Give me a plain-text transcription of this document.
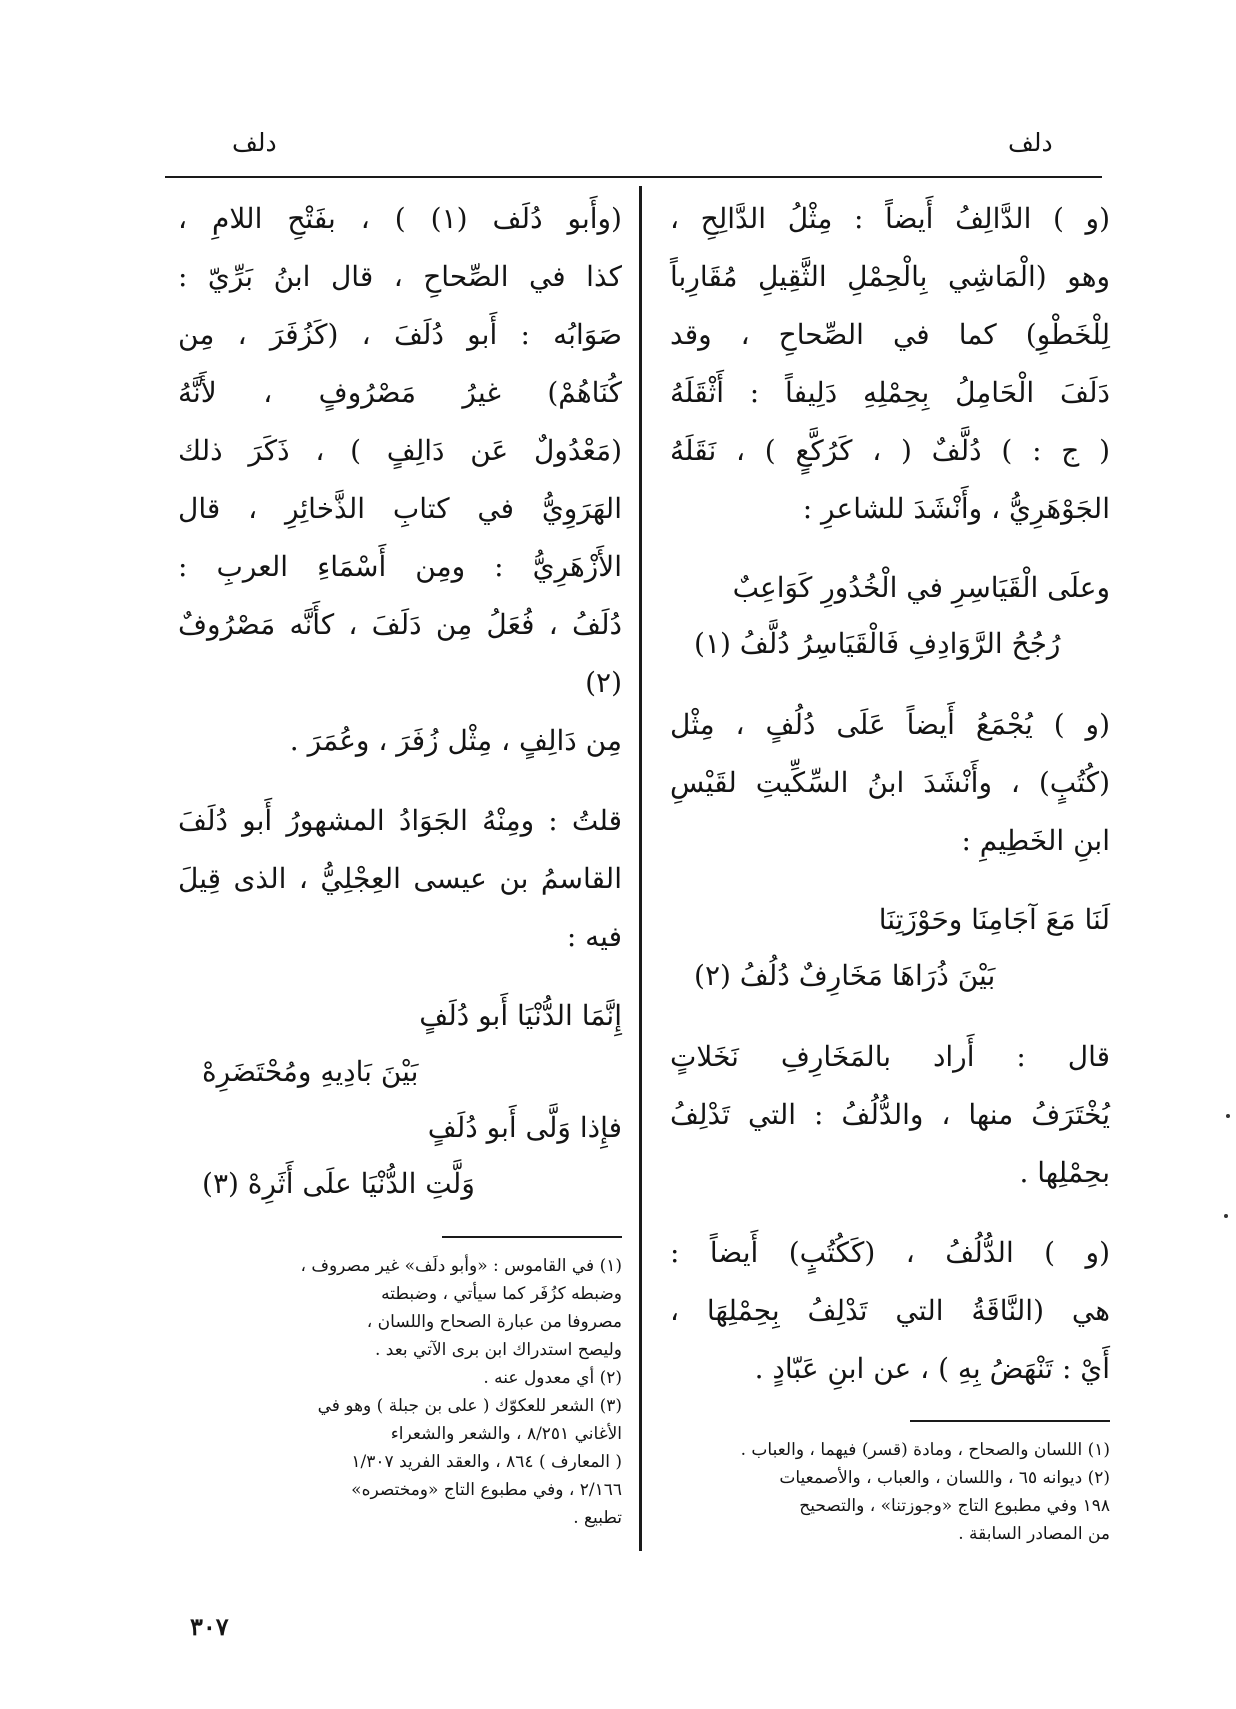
دلف	دلف
(و ) الدَّالِفُ أَيضاً : مِثْلُ الدَّالِحِ ،
وهو (الْمَاشِي بِالْحِمْلِ الثَّقِيلِ مُقَارِباً
لِلْخَطْوِ) كما في الصِّحاحِ ، وقد
دَلَفَ الْحَامِلُ بِحِمْلِهِ دَلِيفاً : أَثْقَلَهُ
( ج : ) دُلَّفٌ ( ، كَرُكَّعٍ ) ، نَقَلَهُ
الجَوْهَرِيُّ ، وأَنْشَدَ للشاعرِ :
وعلَى الْقَيَاسِرِ في الْخُدُورِ كَوَاعِبٌ
رُجُحُ الرَّوَادِفِ فَالْقَيَاسِرُ دُلَّفُ (١)
(و ) يُجْمَعُ أَيضاً عَلَى دُلُفٍ ، مِثْل
(كُتُبٍ) ، وأَنْشَدَ ابنُ السِّكِّيتِ لقَيْسِ
ابنِ الخَطِيمِ :
لَنَا مَعَ آجَامِنَا وحَوْزَتِنَا
بَيْنَ ذُرَاهَا مَخَارِفٌ دُلُفُ (٢)
قال : أَراد بالمَخَارِفِ نَخَلاتٍ
يُخْتَرَفُ منها ، والدُّلُفُ : التي تَدْلِفُ
بحِمْلِها .
(و ) الدُّلُفُ ، (كَكُتُبٍ) أَيضاً :
هي (النَّاقَةُ التي تَدْلِفُ بِحِمْلِهَا ،
أَيْ : تَنْهَضُ بِهِ ) ، عن ابنِ عَبّادٍ .
(١) اللسان والصحاح ، ومادة (قسر) فيهما ، والعباب .
(٢) ديوانه ٦٥ ، واللسان ، والعباب ، والأصمعيات
١٩٨ وفي مطبوع التاج «وجوزتنا» ، والتصحيح
من المصادر السابقة .
(وأَبو دُلَف (١) ) ، بفَتْحِ اللامِ ،
كذا في الصِّحاحِ ، قال ابنُ بَرِّيّ :
صَوَابُه : أَبو دُلَفَ ، (كَزُفَرَ ، مِن
كُنَاهُمْ) غيرُ مَصْرُوفٍ ، لأَنَّهُ
(مَعْدُولٌ عَن دَالِفٍ ) ، ذَكَرَ ذلك
الهَرَوِيُّ في كتابِ الذَّخائِرِ ، قال
الأَزْهَرِيُّ : ومِن أَسْمَاءِ العربِ :
دُلَفُ ، فُعَلُ مِن دَلَفَ ، كأَنَّه مَصْرُوفٌ (٢)
مِن دَالِفٍ ، مِثْل زُفَرَ ، وعُمَرَ .
قلتُ : ومِنْهُ الجَوَادُ المشهورُ أَبو دُلَفَ
القاسمُ بن عيسى العِجْلِيُّ ، الذى قِيلَ
فيه :
إِنَّمَا الدُّنْيَا أَبو دُلَفٍ
بَيْنَ بَادِيهِ ومُحْتَضَرِهْ
فإِذا وَلَّى أَبو دُلَفٍ
وَلَّتِ الدُّنْيَا علَى أَثَرِهْ (٣)
(١) في القاموس : «وأبو دلَف» غير مصروف ،
وضبطه كزُفَر كما سيأتي ، وضبطته
مصروفا من عبارة الصحاح واللسان ،
وليصح استدراك ابن برى الآتي بعد .
(٢) أي معدول عنه .
(٣) الشعر للعكوّك ( على بن جبلة ) وهو في
الأغاني ٨/٢٥١ ، والشعر والشعراء
( المعارف ) ٨٦٤ ، والعقد الفريد ١/٣٠٧
٢/١٦٦ ، وفي مطبوع التاج «ومختصره»
تطبيع .
٣٠٧
